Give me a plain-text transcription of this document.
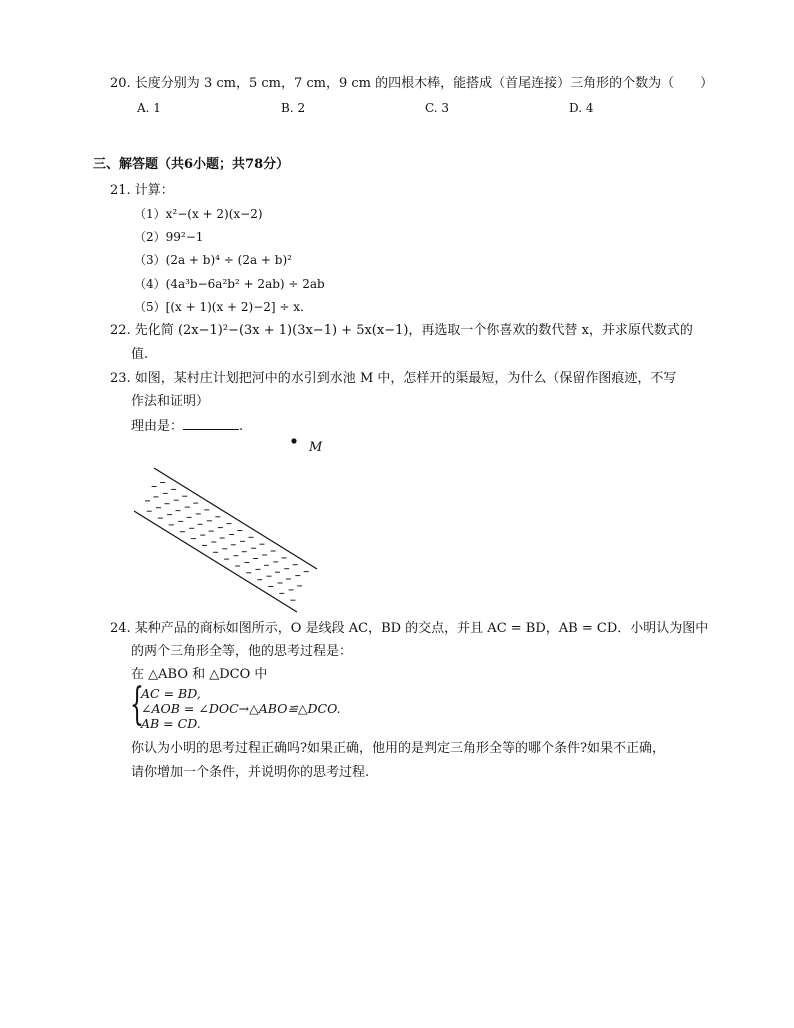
20. 长度分别为 3 cm，5 cm，7 cm，9 cm 的四根木棒，能搭成（首尾连接）三角形的个数为（　　）
A. 1	B. 2	C. 3	D. 4
三、解答题（共6小题；共78分）
21. 计算：
（1）x²−(x + 2)(x−2)
（2）99²−1
（3）(2a + b)⁴ ÷ (2a + b)²
（4）(4a³b−6a²b² + 2ab) ÷ 2ab
（5）[(x + 1)(x + 2)−2] ÷ x.
22. 先化简 (2x−1)²−(3x + 1)(3x−1) + 5x(x−1)，再选取一个你喜欢的数代替 x，并求原代数式的
值.
23. 如图，某村庄计划把河中的水引到水池 M 中，怎样开的渠最短，为什么（保留作图痕迹，不写
作法和证明）
理由是：	.
M
24. 某种产品的商标如图所示，O 是线段 AC，BD 的交点，并且 AC = BD，AB = CD．小明认为图中
的两个三角形全等，他的思考过程是：
在 △ABO 和 △DCO 中
{
AC = BD,
∠AOB = ∠DOC→△ABO≌△DCO.
AB = CD.
你认为小明的思考过程正确吗?如果正确，他用的是判定三角形全等的哪个条件?如果不正确，
请你增加一个条件，并说明你的思考过程.
